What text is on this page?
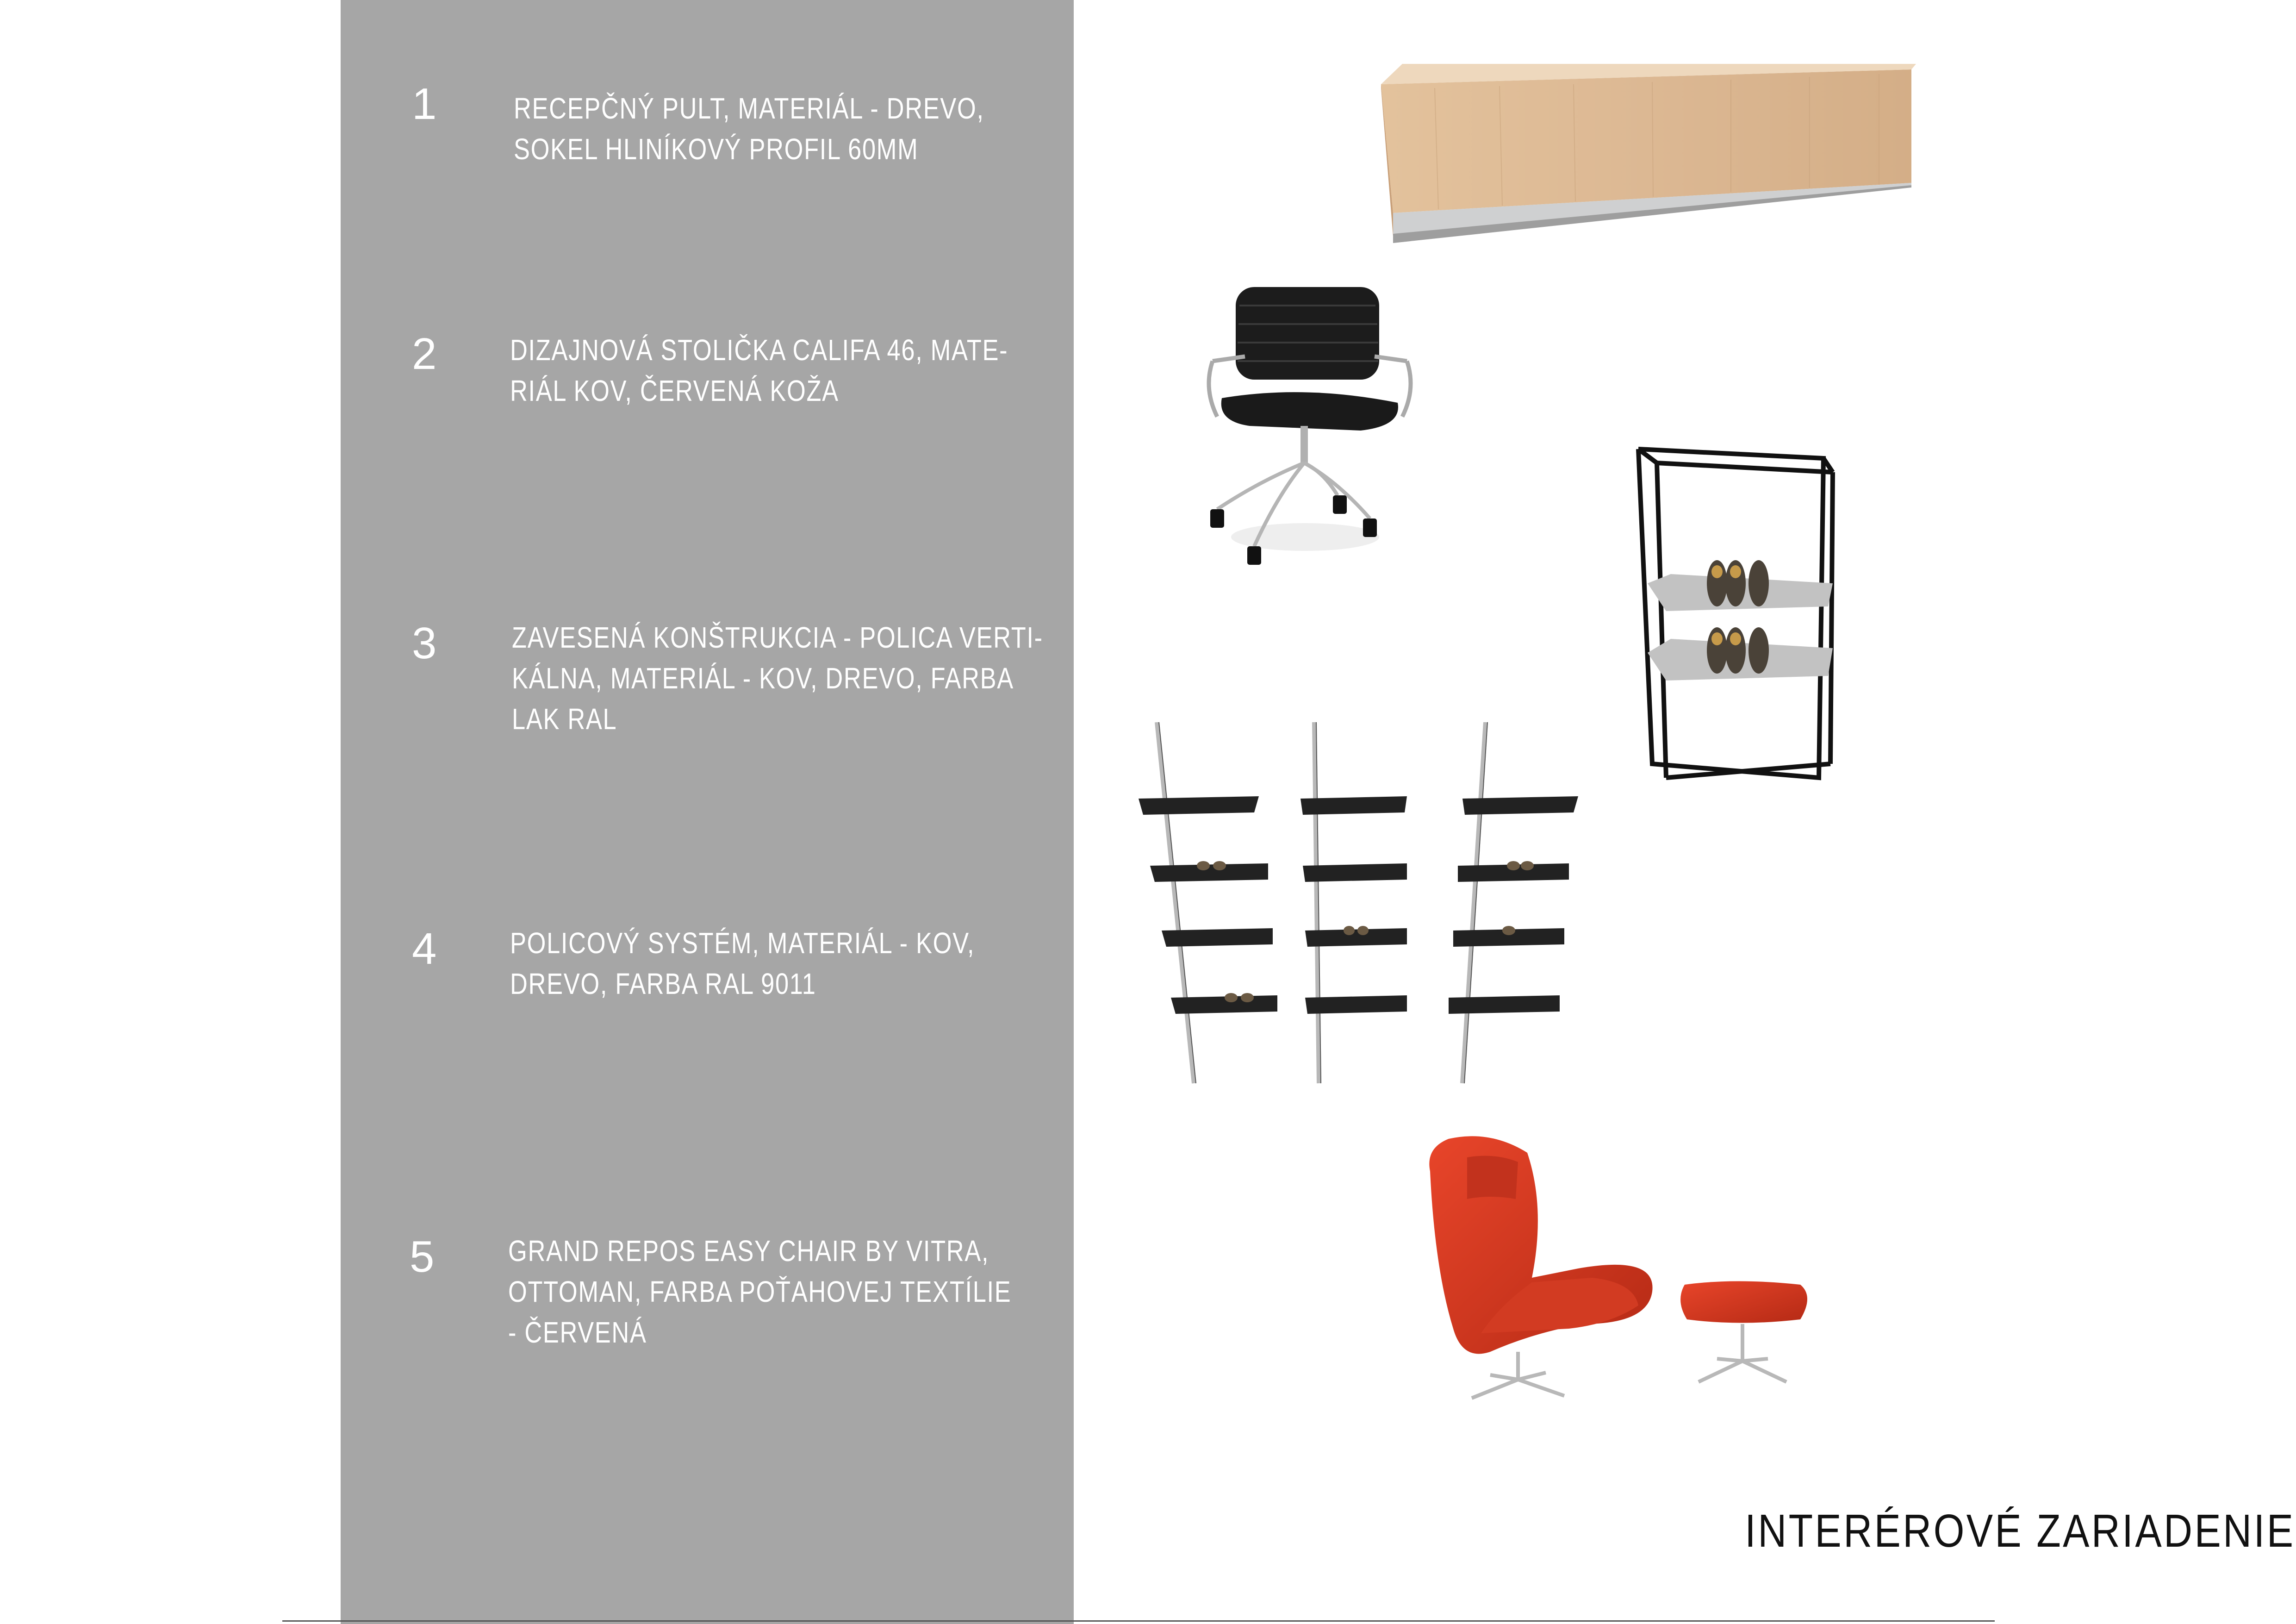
1	RECEPČNÝ PULT, MATERIÁL - DREVO,
SOKEL HLINÍKOVÝ PROFIL 60MM
2 DIZAJNOVÁ STOLIČKA CALIFA 46, MATE-
RIÁL KOV, ČERVENÁ KOŽA
3	ZAVESENÁ KONŠTRUKCIA - POLICA VERTI-
KÁLNA, MATERIÁL - KOV, DREVO, FARBA
LAK RAL
4 POLICOVÝ SYSTÉM, MATERIÁL - KOV,
DREVO, FARBA RAL 9011
5 GRAND REPOS EASY CHAIR BY VITRA,
OTTOMAN, FARBA POŤAHOVEJ TEXTÍLIE
- ČERVENÁ
INTERÉROVÉ ZARIADENIE
